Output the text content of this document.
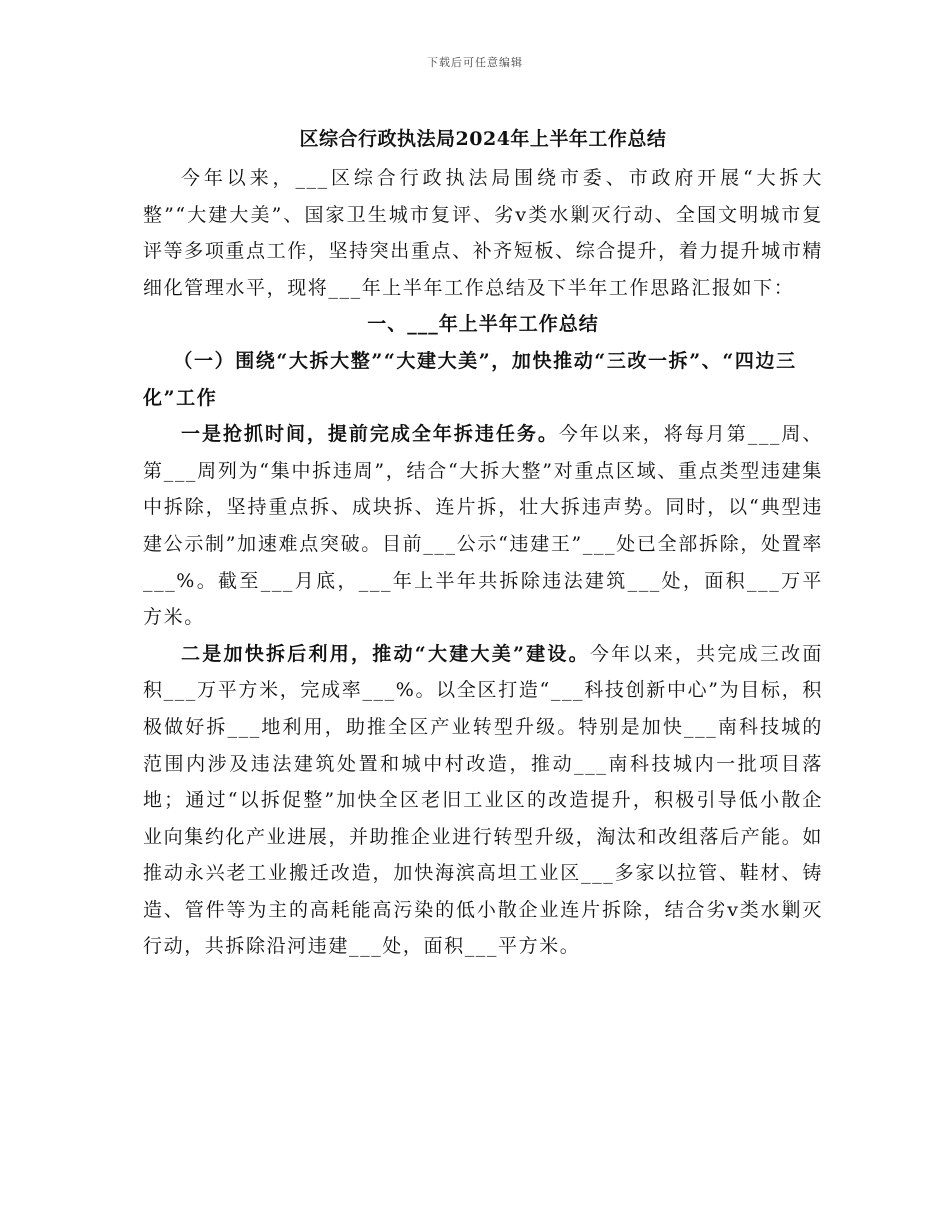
下载后可任意编辑
区综合行政执法局2024年上半年工作总结

今年以来，___区综合行政执法局围绕市委、市政府开展“大拆大整”“大建大美”、国家卫生城市复评、劣ⅴ类水剿灭行动、全国文明城市复评等多项重点工作，坚持突出重点、补齐短板、综合提升，着力提升城市精细化管理水平，现将___年上半年工作总结及下半年工作思路汇报如下：

一、___年上半年工作总结
（一）围绕“大拆大整”“大建大美”，加快推动“三改一拆”、“四边三化”工作

一是抢抓时间，提前完成全年拆违任务。今年以来，将每月第___周、第___周列为“集中拆违周”，结合“大拆大整”对重点区域、重点类型违建集中拆除，坚持重点拆、成块拆、连片拆，壮大拆违声势。同时，以“典型违建公示制”加速难点突破。目前___公示“违建王”___处已全部拆除，处置率___%。截至___月底，___年上半年共拆除违法建筑___处，面积___万平方米。

二是加快拆后利用，推动“大建大美”建设。今年以来，共完成三改面积___万平方米，完成率___%。以全区打造“___科技创新中心”为目标，积极做好拆___地利用，助推全区产业转型升级。特别是加快___南科技城的范围内涉及违法建筑处置和城中村改造，推动___南科技城内一批项目落地；通过“以拆促整”加快全区老旧工业区的改造提升，积极引导低小散企业向集约化产业进展，并助推企业进行转型升级，淘汰和改组落后产能。如推动永兴老工业搬迁改造，加快海滨高坦工业区___多家以拉管、鞋材、铸造、管件等为主的高耗能高污染的低小散企业连片拆除，结合劣ⅴ类水剿灭行动，共拆除沿河违建___处，面积___平方米。
